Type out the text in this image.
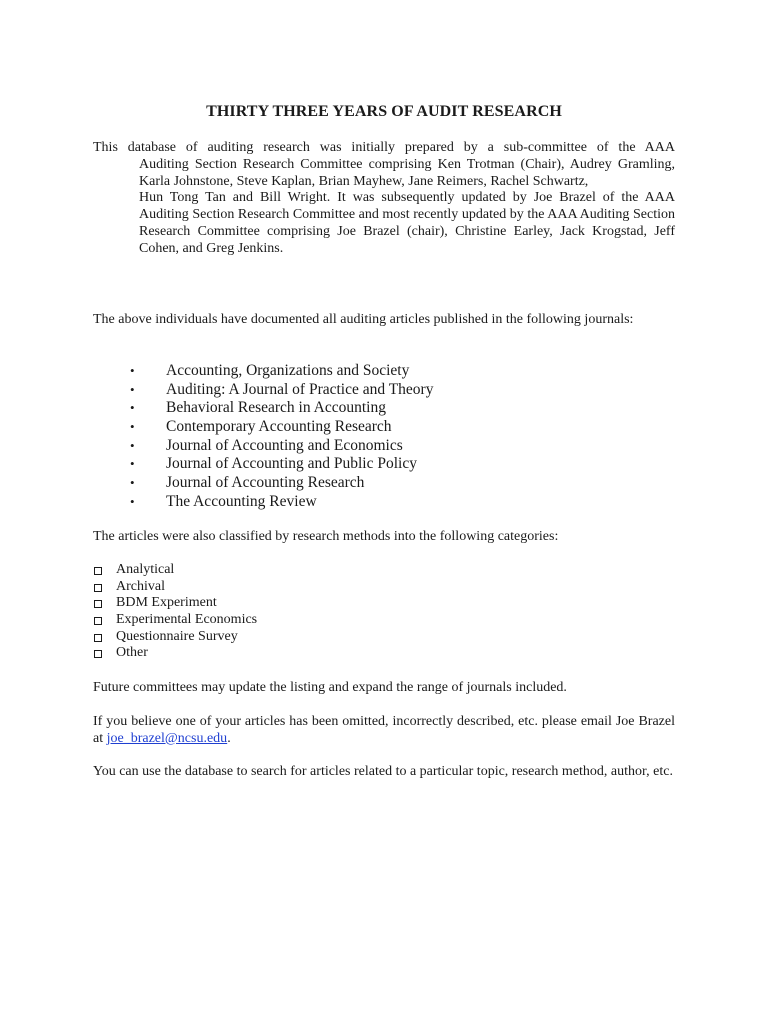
THIRTY THREE YEARS OF AUDIT RESEARCH
This database of auditing research was initially prepared by a sub-committee of the AAA
Auditing Section Research Committee comprising Ken Trotman (Chair), Audrey Gramling, Karla Johnstone, Steve Kaplan, Brian Mayhew, Jane Reimers, Rachel Schwartz,
Hun Tong Tan and Bill Wright. It was subsequently updated by Joe Brazel of the AAA Auditing Section Research Committee and most recently updated by the AAA Auditing Section Research Committee comprising Joe Brazel (chair), Christine Earley, Jack Krogstad, Jeff Cohen, and Greg Jenkins.

The above individuals have documented all auditing articles published in the following journals:

• Accounting, Organizations and Society
• Auditing: A Journal of Practice and Theory
• Behavioral Research in Accounting
• Contemporary Accounting Research
• Journal of Accounting and Economics
• Journal of Accounting and Public Policy
• Journal of Accounting Research
• The Accounting Review

The articles were also classified by research methods into the following categories:

Analytical
Archival
BDM Experiment
Experimental Economics
Questionnaire Survey
Other

Future committees may update the listing and expand the range of journals included.

If you believe one of your articles has been omitted, incorrectly described, etc. please email Joe Brazel at joe_brazel@ncsu.edu.

You can use the database to search for articles related to a particular topic, research method, author, etc.
